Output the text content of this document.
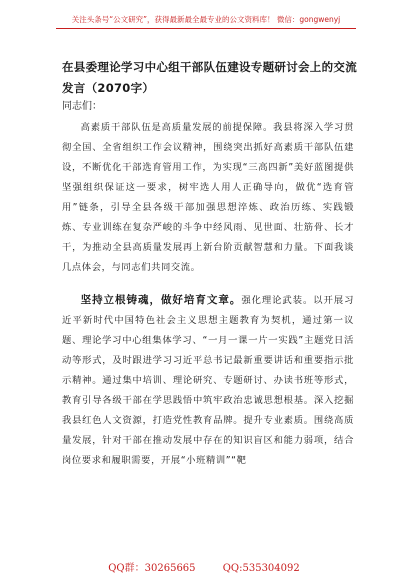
关注头条号“公文研究”，获得最新最全最专业的公文资料库！ 微信：gongwenyj
在县委理论学习中心组干部队伍建设专题研讨会上的交流发言（2070字）
同志们：

高素质干部队伍是高质量发展的前提保障。我县将深入学习贯彻全国、全省组织工作会议精神，围绕突出抓好高素质干部队伍建设，不断优化干部选育管用工作，为实现“三高四新”美好蓝图提供坚强组织保证这一要求，树牢选人用人正确导向，做优“选育管用”链条，引导全县各级干部加强思想淬炼、政治历练、实践锻炼、专业训练在复杂严峻的斗争中经风雨、见世面、壮筋骨、长才干，为推动全县高质量发展再上新台阶贡献智慧和力量。下面我谈几点体会，与同志们共同交流。

坚持立根铸魂，做好培育文章。强化理论武装。以开展习近平新时代中国特色社会主义思想主题教育为契机，通过第一议题、理论学习中心组集体学习、“一月一课一片一实践”主题党日活动等形式，及时跟进学习习近平总书记最新重要讲话和重要指示批示精神。通过集中培训、理论研究、专题研讨、办读书班等形式，教育引导各级干部在学思践悟中筑牢政治忠诚思想根基。深入挖掘我县红色人文资源，打造党性教育品牌。提升专业素质。围绕高质量发展，针对干部在推动发展中存在的知识盲区和能力弱项，结合岗位要求和履职需要，开展“小班精训”“靶

QQ群：30265665	QQ:535304092
